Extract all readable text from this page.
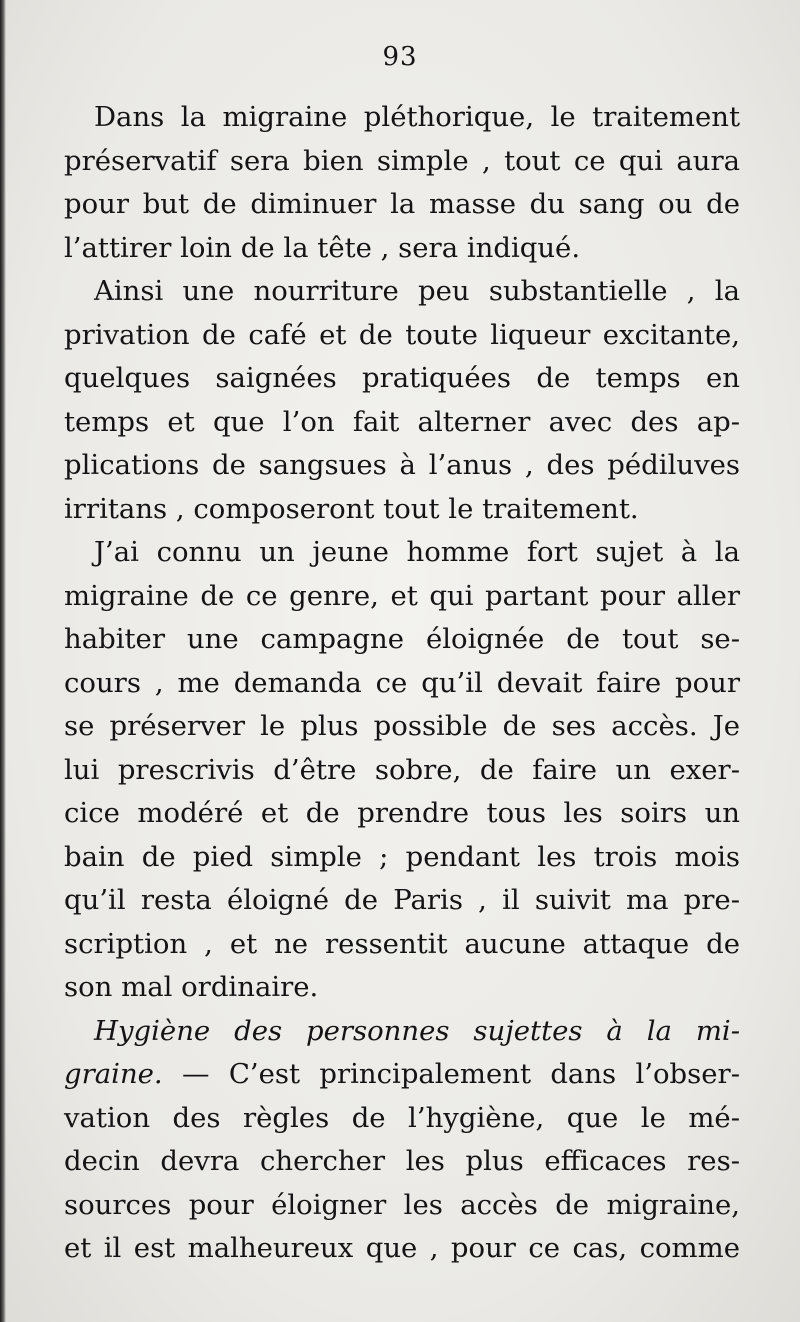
93
Dans la migraine pléthorique, le traitement
préservatif sera bien simple , tout ce qui aura
pour but de diminuer la masse du sang ou de
l’attirer loin de la tête , sera indiqué.
Ainsi une nourriture peu substantielle , la
privation de café et de toute liqueur excitante,
quelques saignées pratiquées de temps en
temps et que l’on fait alterner avec des ap-
plications de sangsues à l’anus , des pédiluves
irritans , composeront tout le traitement.
J’ai connu un jeune homme fort sujet à la
migraine de ce genre, et qui partant pour aller
habiter une campagne éloignée de tout se-
cours , me demanda ce qu’il devait faire pour
se préserver le plus possible de ses accès. Je
lui prescrivis d’être sobre, de faire un exer-
cice modéré et de prendre tous les soirs un
bain de pied simple ; pendant les trois mois
qu’il resta éloigné de Paris , il suivit ma pre-
scription , et ne ressentit aucune attaque de
son mal ordinaire.
Hygiène des personnes sujettes à la mi-
graine. — C’est principalement dans l’obser-
vation des règles de l’hygiène, que le mé-
decin devra chercher les plus efficaces res-
sources pour éloigner les accès de migraine,
et il est malheureux que , pour ce cas, comme
